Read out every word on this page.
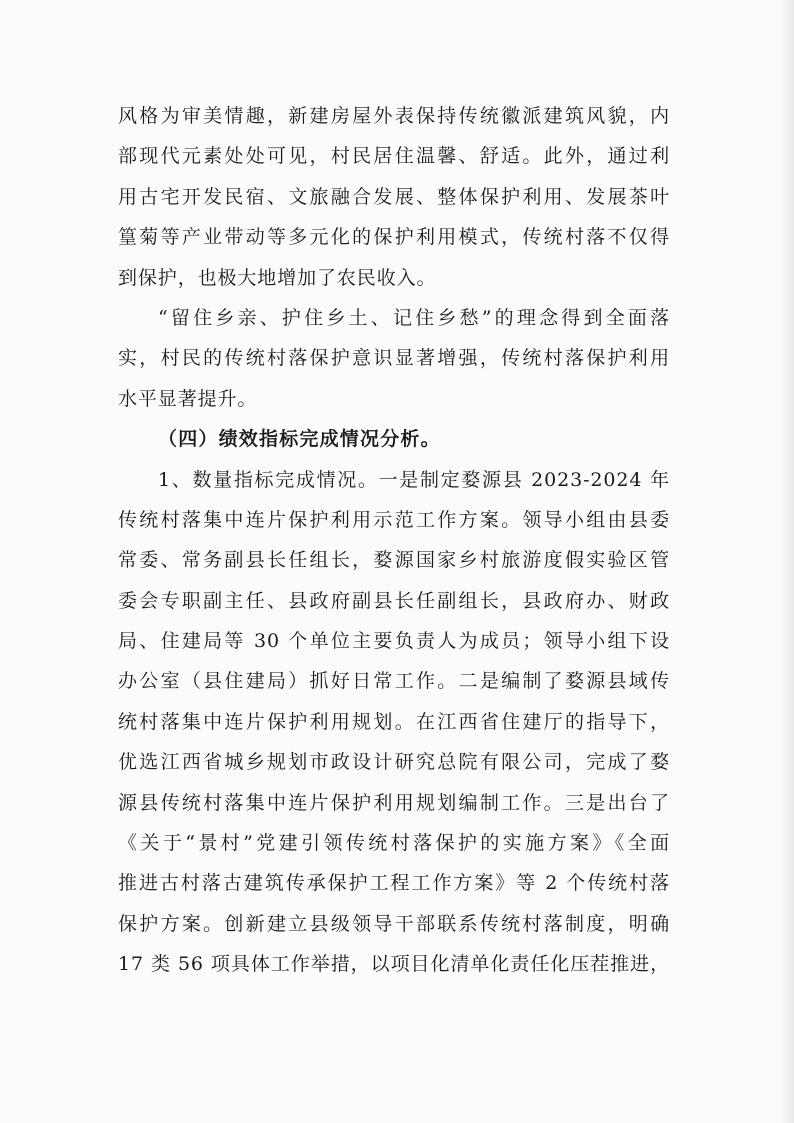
风格为审美情趣，新建房屋外表保持传统徽派建筑风貌，内
部现代元素处处可见，村民居住温馨、舒适。此外，通过利
用古宅开发民宿、文旅融合发展、整体保护利用、发展茶叶
篁菊等产业带动等多元化的保护利用模式，传统村落不仅得
到保护，也极大地增加了农民收入。
“留住乡亲、护住乡土、记住乡愁”的理念得到全面落
实，村民的传统村落保护意识显著增强，传统村落保护利用
水平显著提升。
（四）绩效指标完成情况分析。
1、数量指标完成情况。一是制定婺源县 2023-2024 年
传统村落集中连片保护利用示范工作方案。领导小组由县委
常委、常务副县长任组长，婺源国家乡村旅游度假实验区管
委会专职副主任、县政府副县长任副组长，县政府办、财政
局、住建局等 30 个单位主要负责人为成员；领导小组下设
办公室（县住建局）抓好日常工作。二是编制了婺源县域传
统村落集中连片保护利用规划。在江西省住建厅的指导下，
优选江西省城乡规划市政设计研究总院有限公司，完成了婺
源县传统村落集中连片保护利用规划编制工作。三是出台了
《关于“景村”党建引领传统村落保护的实施方案》《全面
推进古村落古建筑传承保护工程工作方案》等 2 个传统村落
保护方案。创新建立县级领导干部联系传统村落制度，明确
17 类 56 项具体工作举措，以项目化清单化责任化压茬推进，
